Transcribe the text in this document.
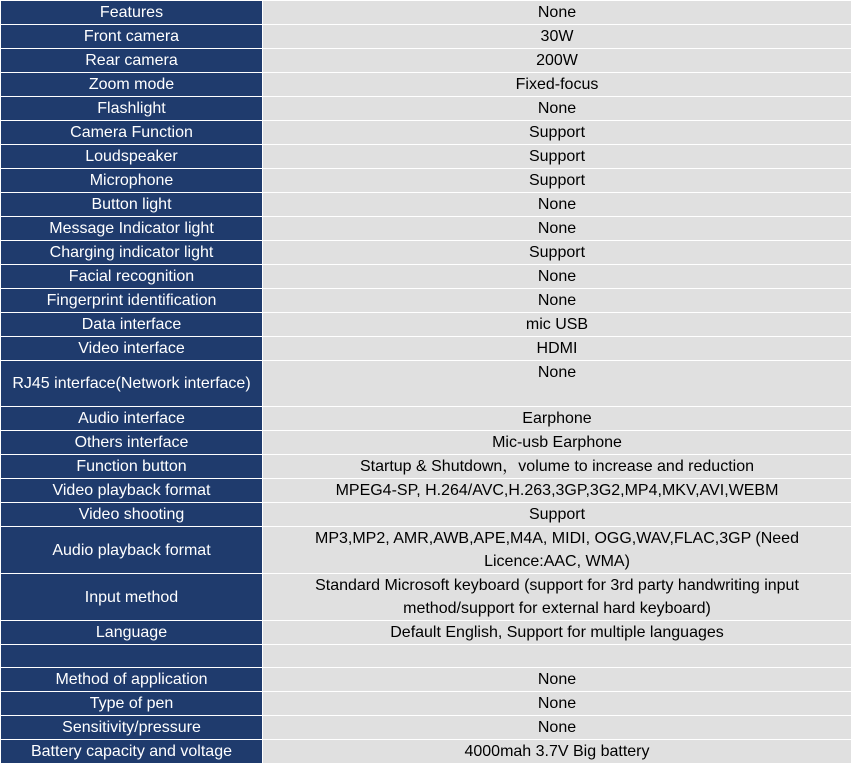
Features	None
Front camera	30W
Rear camera	200W
Zoom mode	Fixed-focus
Flashlight	None
Camera Function	Support
Loudspeaker	Support
Microphone	Support
Button light	None
Message Indicator light	None
Charging indicator light	Support
Facial recognition	None
Fingerprint identification	None
Data interface	mic USB
Video interface	HDMI
RJ45 interface(Network interface)	None
Audio interface	Earphone
Others interface	Mic-usb Earphone
Function button	Startup & Shutdown，volume to increase and reduction
Video playback format	MPEG4-SP, H.264/AVC,H.263,3GP,3G2,MP4,MKV,AVI,WEBM
Video shooting	Support
Audio playback format	MP3,MP2, AMR,AWB,APE,M4A, MIDI, OGG,WAV,FLAC,3GP (Need Licence:AAC, WMA)
Input method	Standard Microsoft keyboard (support for 3rd party handwriting input method/support for external hard keyboard)
Language	Default English, Support for multiple languages

Method of application	None
Type of pen	None
Sensitivity/pressure	None
Battery capacity and voltage	4000mah 3.7V Big battery
